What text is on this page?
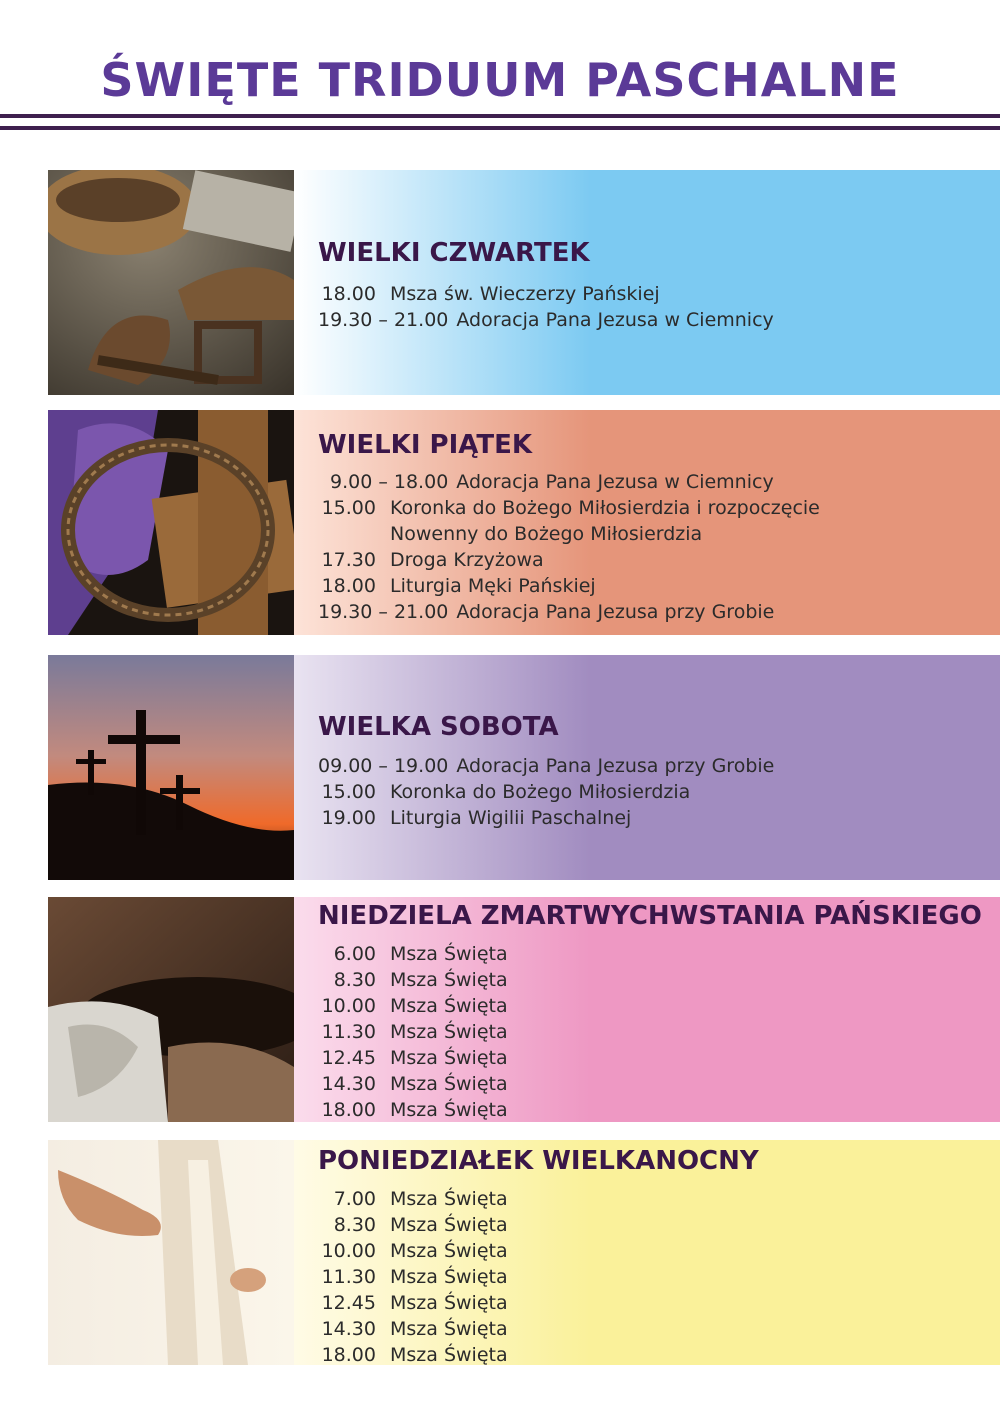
ŚWIĘTE TRIDUUM PASCHALNE
WIELKI CZWARTEK
18.00 Msza św. Wieczerzy Pańskiej
19.30 – 21.00 Adoracja Pana Jezusa w Ciemnicy
WIELKI PIĄTEK
9.00 – 18.00 Adoracja Pana Jezusa w Ciemnicy
15.00 Koronka do Bożego Miłosierdzia i rozpoczęcie
Nowenny do Bożego Miłosierdzia
17.30 Droga Krzyżowa
18.00 Liturgia Męki Pańskiej
19.30 – 21.00 Adoracja Pana Jezusa przy Grobie
WIELKA SOBOTA
09.00 – 19.00 Adoracja Pana Jezusa przy Grobie
15.00 Koronka do Bożego Miłosierdzia
19.00 Liturgia Wigilii Paschalnej
NIEDZIELA ZMARTWYCHWSTANIA PAŃSKIEGO
6.00 Msza Święta
8.30 Msza Święta
10.00 Msza Święta
11.30 Msza Święta
12.45 Msza Święta
14.30 Msza Święta
18.00 Msza Święta
PONIEDZIAŁEK WIELKANOCNY
7.00 Msza Święta
8.30 Msza Święta
10.00 Msza Święta
11.30 Msza Święta
12.45 Msza Święta
14.30 Msza Święta
18.00 Msza Święta
